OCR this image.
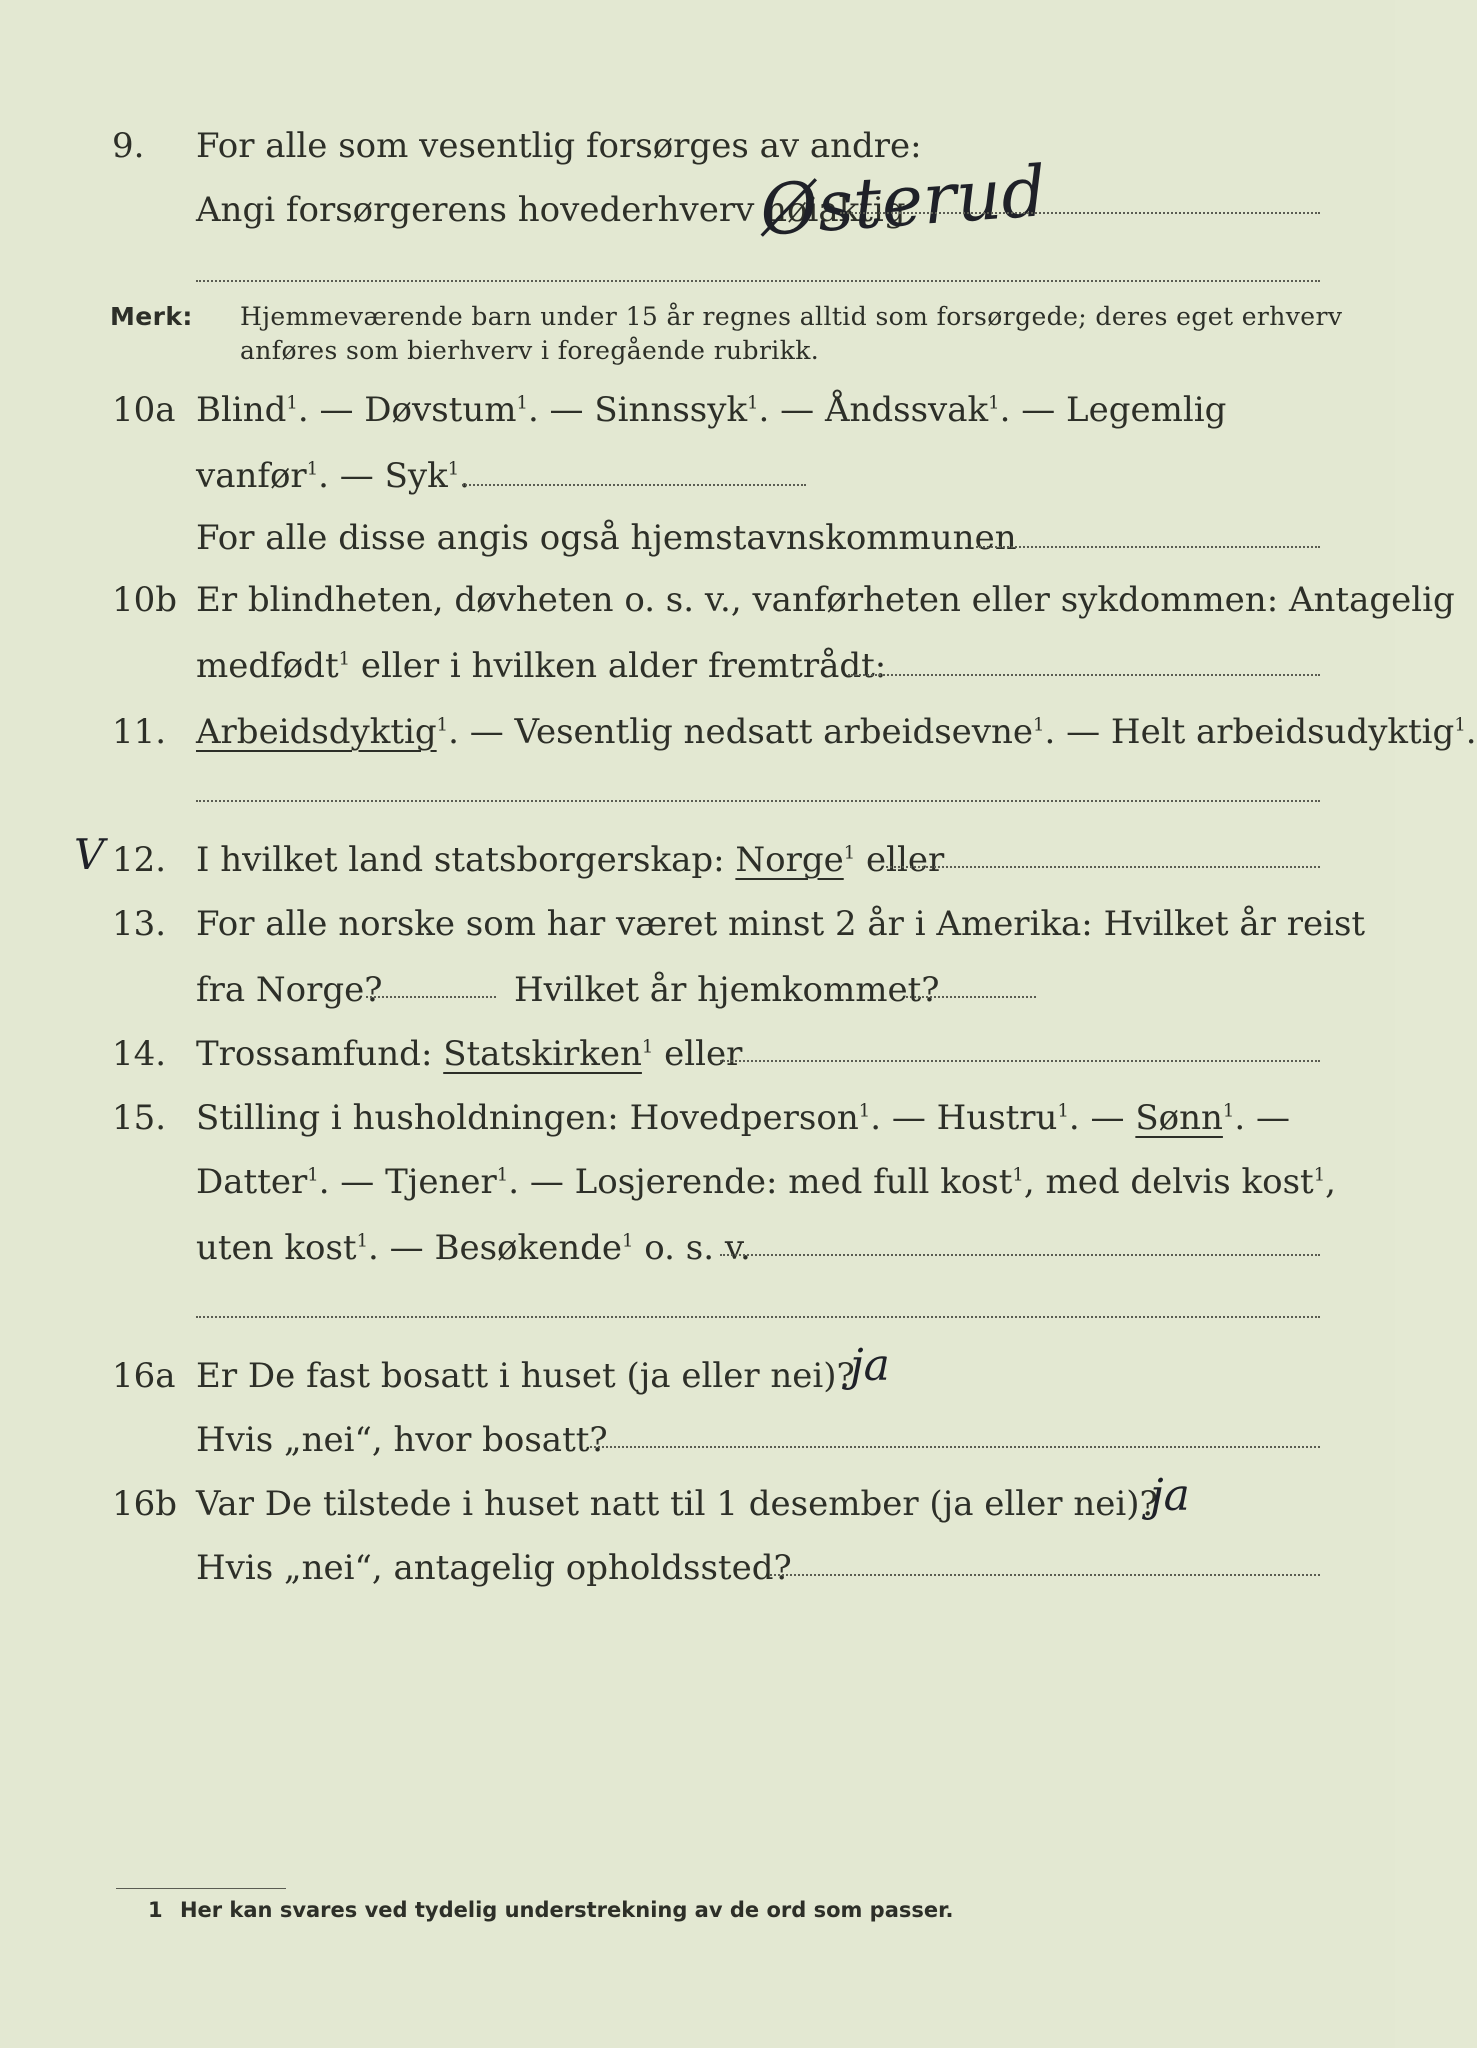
9. For alle som vesentlig forsørges av andre:
Angi forsørgerens hovederhverv nøiaktig
Østerud
Merk: Hjemmeværende barn under 15 år regnes alltid som forsørgede; deres eget erhverv
anføres som bierhverv i foregående rubrikk.
10a Blind$^1$. — Døvstum$^1$. — Sinnssyk$^1$. — Åndssvak$^1$. — Legemlig
vanfør$^1$. — Syk$^1$.
For alle disse angis også hjemstavnskommunen
10b Er blindheten, døvheten o. s. v., vanførheten eller sykdommen: Antagelig
medfødt$^1$ eller i hvilken alder fremtrådt:
11. Arbeidsdyktig$^1$. — Vesentlig nedsatt arbeidsevne$^1$. — Helt arbeidsudyktig$^1$.
V 12. I hvilket land statsborgerskap: Norge$^1$ eller
13. For alle norske som har været minst 2 år i Amerika: Hvilket år reist
fra Norge?	Hvilket år hjemkommet?
14. Trossamfund: Statskirken$^1$ eller
15. Stilling i husholdningen: Hovedperson$^1$. — Hustru$^1$. — Sønn$^1$. —
Datter$^1$. — Tjener$^1$. — Losjerende: med full kost$^1$, med delvis kost$^1$,
uten kost$^1$. — Besøkende$^1$ o. s. v.
16a Er De fast bosatt i huset (ja eller nei)?
ja
Hvis „nei“, hvor bosatt?
16b Var De tilstede i huset natt til 1 desember (ja eller nei)?
ja
Hvis „nei“, antagelig opholdssted?
1 Her kan svares ved tydelig understrekning av de ord som passer.
